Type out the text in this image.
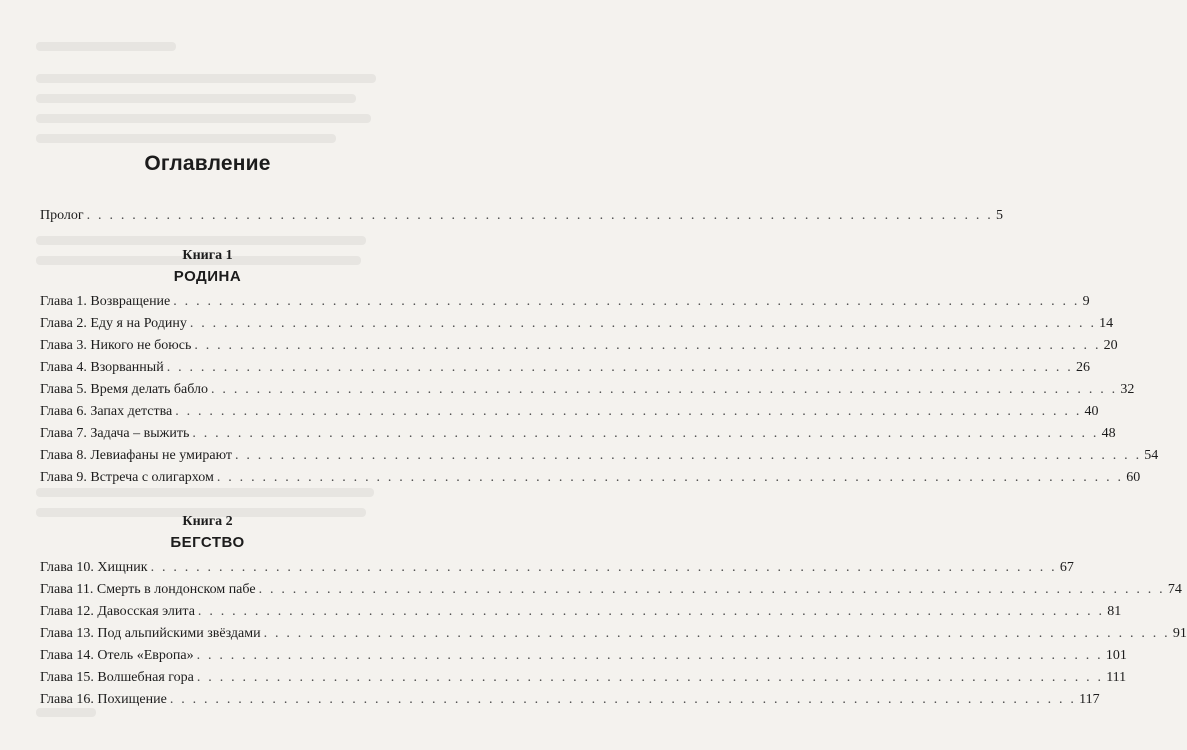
Оглавление
Пролог . . . . . . . . . . . . . . . . . . . . . . . . . . . . . . . . . . . . . . . . . . . . . . . . . . . . . . . . . . . . . . . . . . . . . . . . . . . . . . . . 5
Книга 1
РОДИНА
Глава 1. Возвращение . . . . . . . . . . . . . . . . . . . . . . . . . . . . . . . . . . . . . . . . . . . . . . . . . . . . . . . . . . . . . . . . . . . . . . . . . . . . . . . . 9
Глава 2. Еду я на Родину . . . . . . . . . . . . . . . . . . . . . . . . . . . . . . . . . . . . . . . . . . . . . . . . . . . . . . . . . . . . . . . . . . . . . . . . . . . . . . . . 14
Глава 3. Никого не боюсь . . . . . . . . . . . . . . . . . . . . . . . . . . . . . . . . . . . . . . . . . . . . . . . . . . . . . . . . . . . . . . . . . . . . . . . . . . . . . . . . 20
Глава 4. Взорванный . . . . . . . . . . . . . . . . . . . . . . . . . . . . . . . . . . . . . . . . . . . . . . . . . . . . . . . . . . . . . . . . . . . . . . . . . . . . . . . . 26
Глава 5. Время делать бабло . . . . . . . . . . . . . . . . . . . . . . . . . . . . . . . . . . . . . . . . . . . . . . . . . . . . . . . . . . . . . . . . . . . . . . . . . . . . . . . . 32
Глава 6. Запах детства . . . . . . . . . . . . . . . . . . . . . . . . . . . . . . . . . . . . . . . . . . . . . . . . . . . . . . . . . . . . . . . . . . . . . . . . . . . . . . . . 40
Глава 7. Задача – выжить . . . . . . . . . . . . . . . . . . . . . . . . . . . . . . . . . . . . . . . . . . . . . . . . . . . . . . . . . . . . . . . . . . . . . . . . . . . . . . . . 48
Глава 8. Левиафаны не умирают . . . . . . . . . . . . . . . . . . . . . . . . . . . . . . . . . . . . . . . . . . . . . . . . . . . . . . . . . . . . . . . . . . . . . . . . . . . . . . . . 54
Глава 9. Встреча с олигархом . . . . . . . . . . . . . . . . . . . . . . . . . . . . . . . . . . . . . . . . . . . . . . . . . . . . . . . . . . . . . . . . . . . . . . . . . . . . . . . . 60
Книга 2
БЕГСТВО
Глава 10. Хищник . . . . . . . . . . . . . . . . . . . . . . . . . . . . . . . . . . . . . . . . . . . . . . . . . . . . . . . . . . . . . . . . . . . . . . . . . . . . . . . . 67
Глава 11. Смерть в лондонском пабе . . . . . . . . . . . . . . . . . . . . . . . . . . . . . . . . . . . . . . . . . . . . . . . . . . . . . . . . . . . . . . . . . . . . . . . . . . . . . . . . 74
Глава 12. Давосская элита . . . . . . . . . . . . . . . . . . . . . . . . . . . . . . . . . . . . . . . . . . . . . . . . . . . . . . . . . . . . . . . . . . . . . . . . . . . . . . . . 81
Глава 13. Под альпийскими звёздами . . . . . . . . . . . . . . . . . . . . . . . . . . . . . . . . . . . . . . . . . . . . . . . . . . . . . . . . . . . . . . . . . . . . . . . . . . . . . . . . 91
Глава 14. Отель «Европа» . . . . . . . . . . . . . . . . . . . . . . . . . . . . . . . . . . . . . . . . . . . . . . . . . . . . . . . . . . . . . . . . . . . . . . . . . . . . . . . . 101
Глава 15. Волшебная гора . . . . . . . . . . . . . . . . . . . . . . . . . . . . . . . . . . . . . . . . . . . . . . . . . . . . . . . . . . . . . . . . . . . . . . . . . . . . . . . . 111
Глава 16. Похищение . . . . . . . . . . . . . . . . . . . . . . . . . . . . . . . . . . . . . . . . . . . . . . . . . . . . . . . . . . . . . . . . . . . . . . . . . . . . . . . . 117
